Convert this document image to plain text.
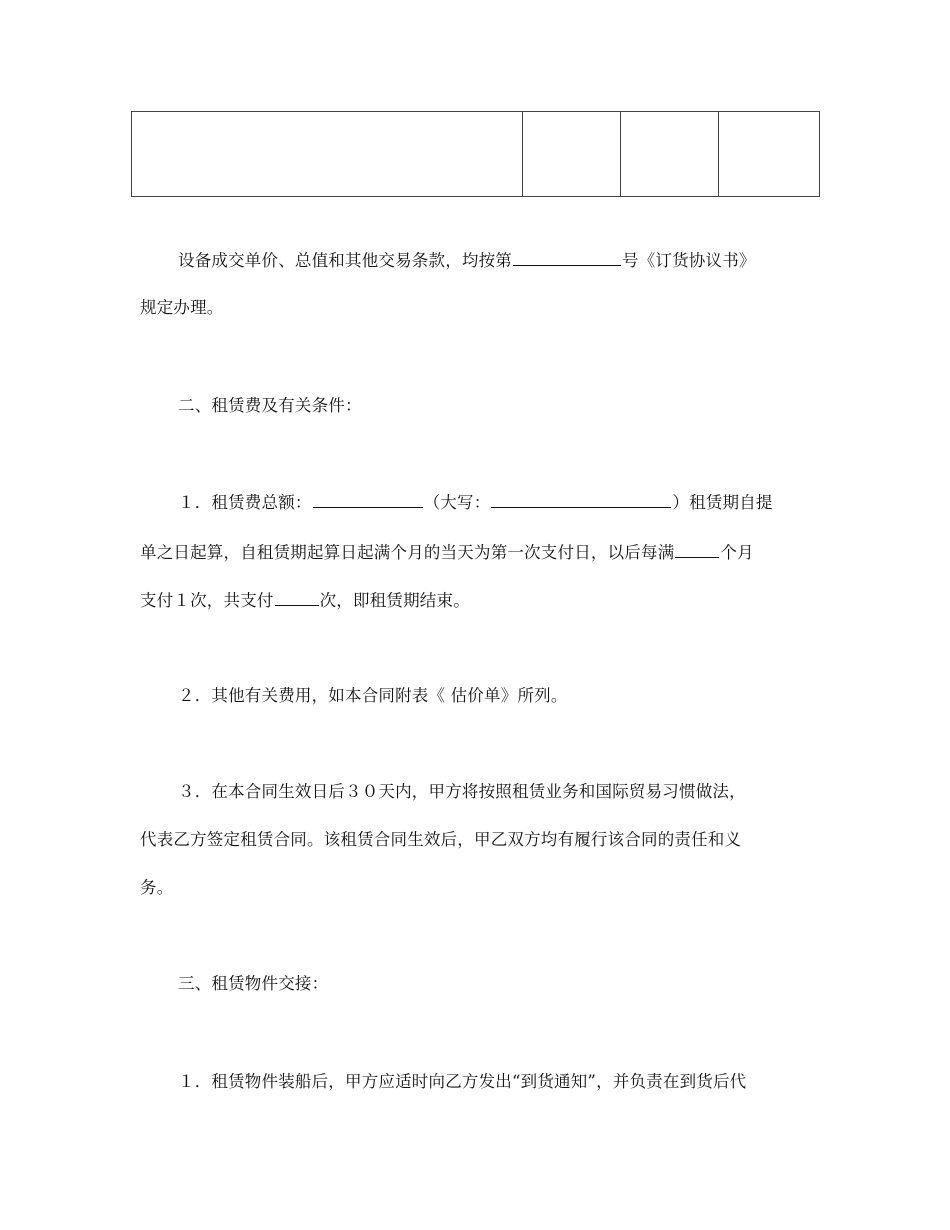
设备成交单价、总值和其他交易条款，均按第	号《订货协议书》
规定办理。
二、租赁费及有关条件：
１．租赁费总额：	（大写：	）租赁期自提
单之日起算，自租赁期起算日起满个月的当天为第一次支付日，以后每满	个月
支付１次，共支付	次，即租赁期结束。
２．其他有关费用，如本合同附表《 估价单》所列。
３．在本合同生效日后３０天内，甲方将按照租赁业务和国际贸易习惯做法，
代表乙方签定租赁合同。该租赁合同生效后，甲乙双方均有履行该合同的责任和义
务。
三、租赁物件交接：
１．租赁物件装船后，甲方应适时向乙方发出“到货通知”，并负责在到货后代
